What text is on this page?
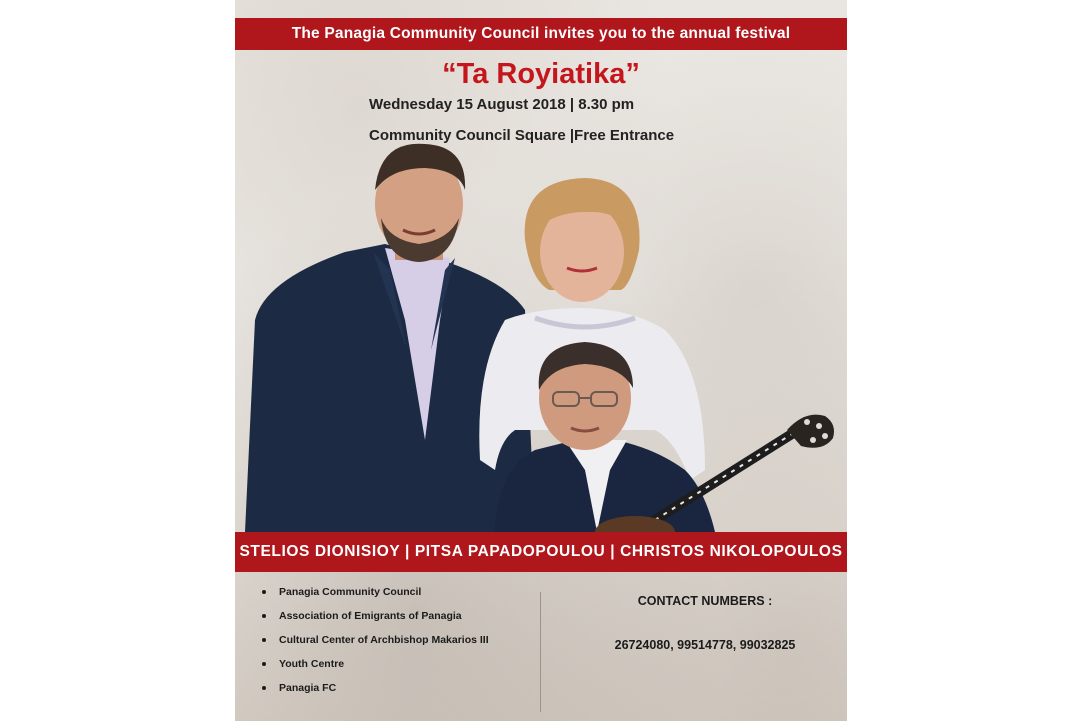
The Panagia Community Council invites you to the annual festival
“Ta Royiatika”
Wednesday 15 August 2018 | 8.30 pm
Community Council Square |Free Entrance
STELIOS DIONISIOY | PITSA PAPADOPOULOU | CHRISTOS NIKOLOPOULOS
Panagia Community Council
Association of Emigrants of Panagia
Cultural Center of Archbishop Makarios III
Youth Centre
Panagia FC
CONTACT NUMBERS :
26724080, 99514778, 99032825
